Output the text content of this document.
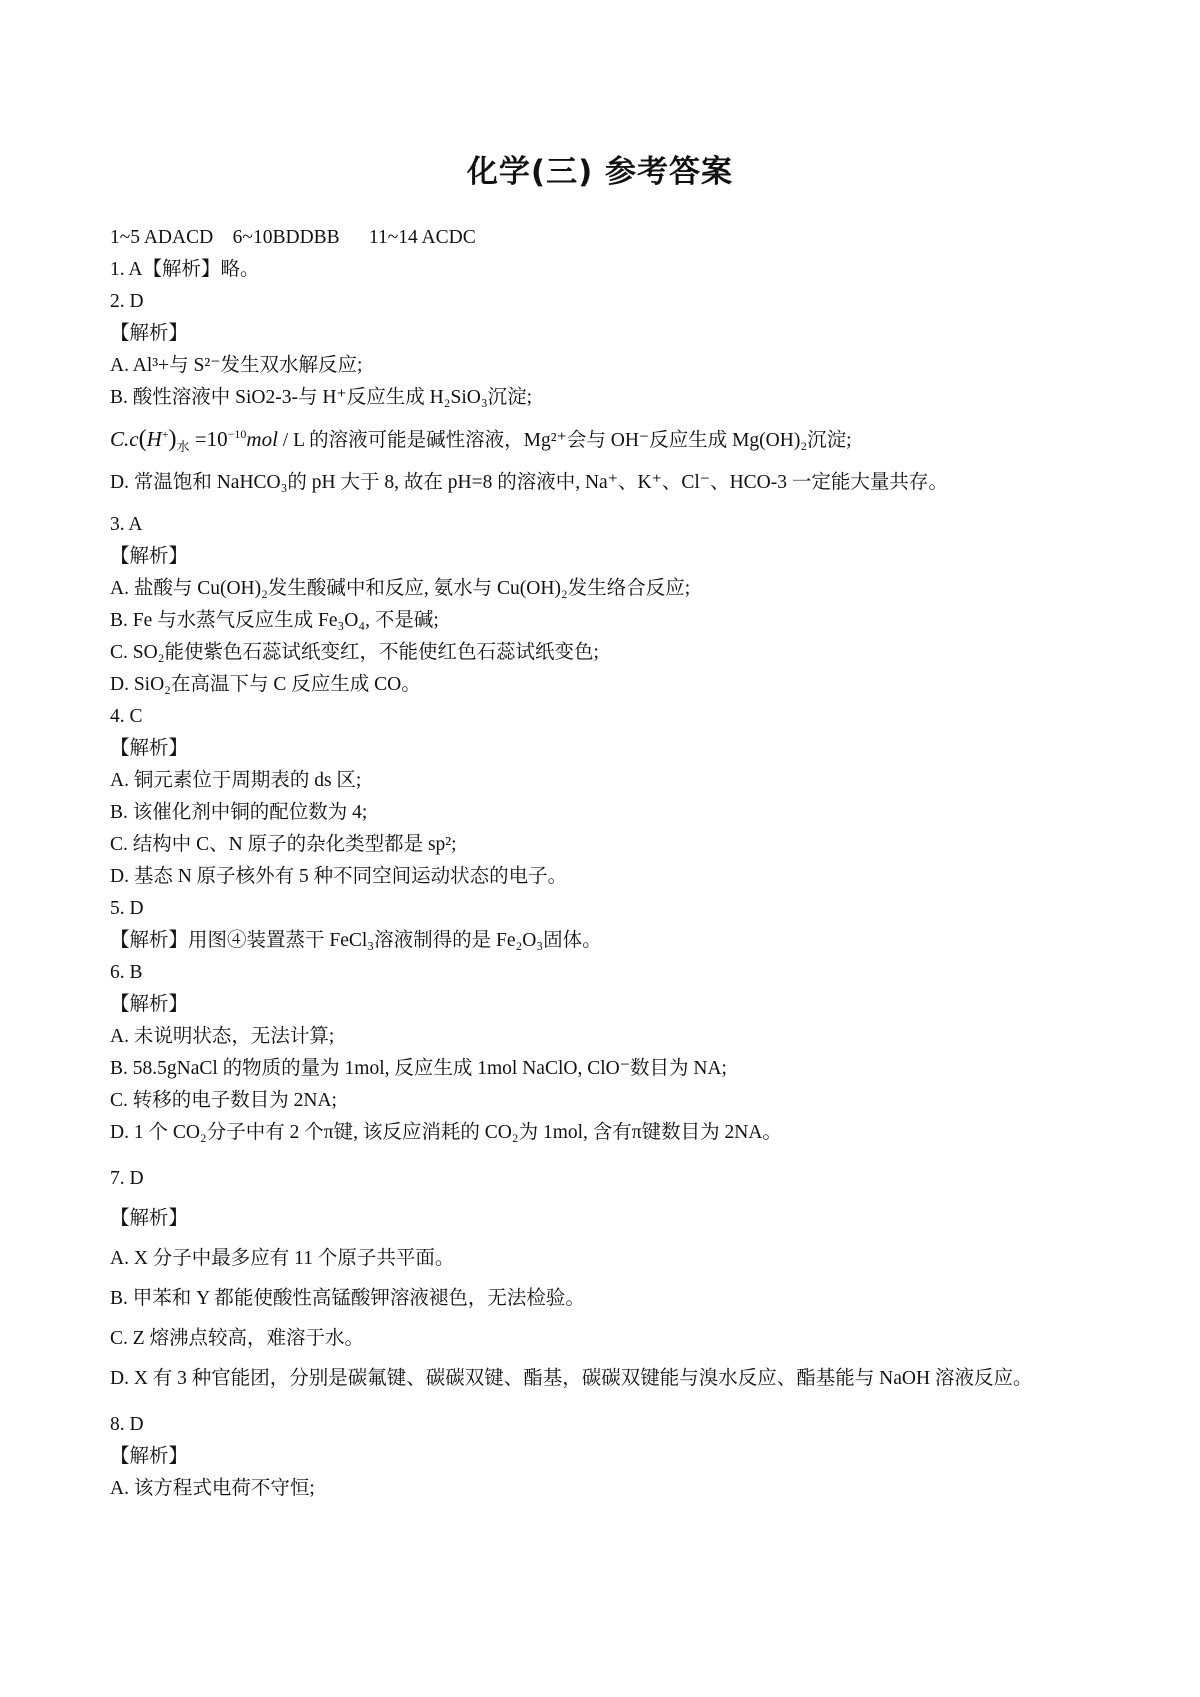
化学(三) 参考答案
1~5 ADACD    6~10BDDBB      11~14 ACDC
1. A【解析】略。
2. D
【解析】
A. Al³+与 S²⁻发生双水解反应;
B. 酸性溶液中 SiO2-3-与 H⁺反应生成 H₂SiO₃沉淀;
$C.c(H^+)_水 =10^{-10}mol / L$ 的溶液可能是碱性溶液，Mg²⁺会与 OH⁻反应生成 Mg(OH)₂沉淀;
D. 常温饱和 NaHCO₃的 pH 大于 8, 故在 pH=8 的溶液中, Na⁺、K⁺、Cl⁻、HCO-3 一定能大量共存。
3. A
【解析】
A. 盐酸与 Cu(OH)₂发生酸碱中和反应, 氨水与 Cu(OH)₂发生络合反应;
B. Fe 与水蒸气反应生成 Fe₃O₄, 不是碱;
C. SO₂能使紫色石蕊试纸变红，不能使红色石蕊试纸变色;
D. SiO₂在高温下与 C 反应生成 CO。
4. C
【解析】
A. 铜元素位于周期表的 ds 区;
B. 该催化剂中铜的配位数为 4;
C. 结构中 C、N 原子的杂化类型都是 sp²;
D. 基态 N 原子核外有 5 种不同空间运动状态的电子。
5. D
【解析】用图④装置蒸干 FeCl₃溶液制得的是 Fe₂O₃固体。
6. B
【解析】
A. 未说明状态，无法计算;
B. 58.5gNaCl 的物质的量为 1mol, 反应生成 1mol NaClO, ClO⁻数目为 NA;
C. 转移的电子数目为 2NA;
D. 1 个 CO₂分子中有 2 个π键, 该反应消耗的 CO₂为 1mol, 含有π键数目为 2NA。
7. D
【解析】
A. X 分子中最多应有 11 个原子共平面。
B. 甲苯和 Y 都能使酸性高锰酸钾溶液褪色，无法检验。
C. Z 熔沸点较高，难溶于水。
D. X 有 3 种官能团，分别是碳氟键、碳碳双键、酯基，碳碳双键能与溴水反应、酯基能与 NaOH 溶液反应。
8. D
【解析】
A. 该方程式电荷不守恒;
